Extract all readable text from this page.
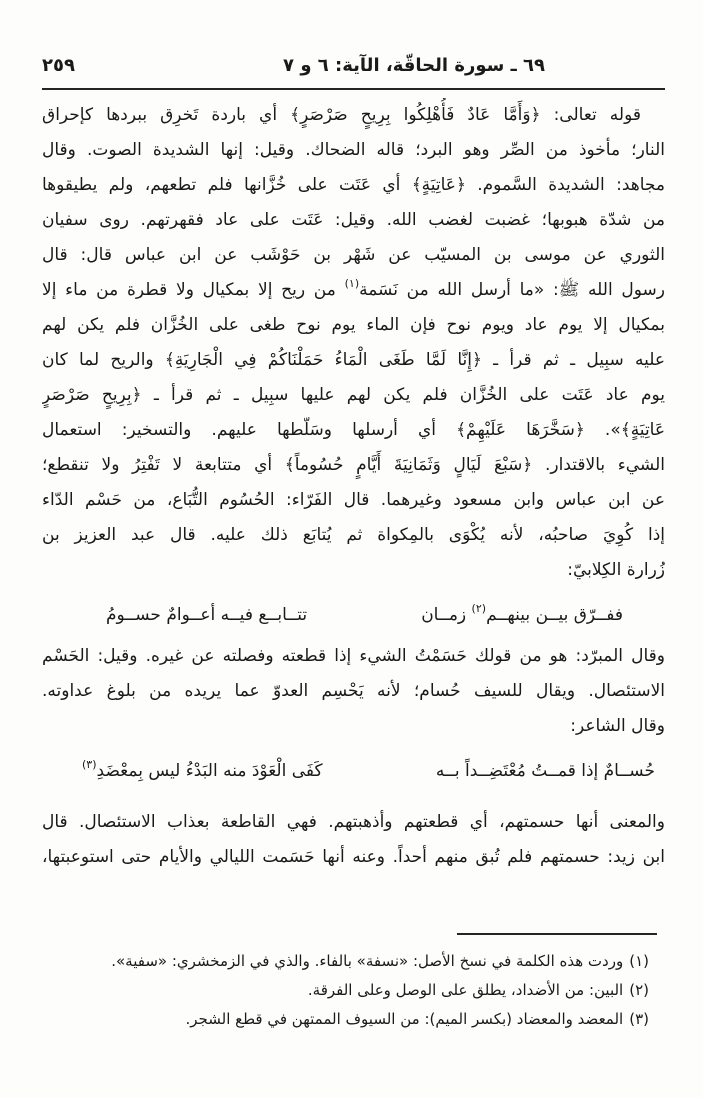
٦٩ ـ سورة الحاقّة، الآية: ٦ و ٧
٢٥٩
قوله تعالى: ﴿وَأَمَّا عَادٌ فَأُهْلِكُوا بِرِيحٍ صَرْصَرٍ﴾ أي باردة تَخرِق ببردها كإحراق
النار؛ مأخوذ من الصِّر وهو البرد؛ قاله الضحاك. وقيل: إنها الشديدة الصوت. وقال
مجاهد: الشديدة السَّموم. ﴿عَاتِيَةٍ﴾ أي عَتَت على خُزَّانها فلم تطعهم، ولم يطيقوها
من شدّة هبوبها؛ غضبت لغضب الله. وقيل: عَتَت على عاد فقهرتهم. روى سفيان
الثوري عن موسى بن المسيّب عن شَهْر بن حَوْشَب عن ابن عباس قال: قال
رسول الله ﷺ: «ما أرسل الله من نَسَمة$^{(١)}$ من ريح إلا بمكيال ولا قطرة من ماء إلا
بمكيال إلا يوم عاد ويوم نوح فإن الماء يوم نوح طغى على الخُزَّان فلم يكن لهم
عليه سبِيل ـ ثم قرأ ـ ﴿إِنَّا لَمَّا طَغَى الْمَاءُ حَمَلْنَاكُمْ فِي الْجَارِيَةِ﴾ والريح لما كان
يوم عاد عَتَت على الخُزَّان فلم يكن لهم عليها سبِيل ـ ثم قرأ ـ ﴿بِرِيحٍ صَرْصَرٍ
عَاتِيَةٍ﴾». ﴿سَخَّرَهَا عَلَيْهِمْ﴾ أي أرسلها وسَلّطها عليهم. والتسخير: استعمال
الشيء بالاقتدار. ﴿سَبْعَ لَيَالٍ وَثَمَانِيَةَ أَيَّامٍ حُسُوماً﴾ أي متتابعة لا تَفْتِرُ ولا تنقطع؛
عن ابن عباس وابن مسعود وغيرهما. قال الفَرّاء: الحُسُوم التُّبَاع، من حَسْم الدّاء
إذا كُوِيَ صاحبُه، لأنه يُكْوَى بالمِكواة ثم يُتابَع ذلك عليه. قال عبد العزيز بن
زُرارة الكِلابيّ:
ففــرّق بيــن بينهــم$^{(٢)}$ زمــان
تتــابــع فيــه أعــوامٌ حســومُ
وقال المبرّد: هو من قولك حَسَمْتُ الشيء إذا قطعته وفصلته عن غيره. وقيل: الحَسْم
الاستئصال. ويقال للسيف حُسام؛ لأنه يَحْسِم العدوّ عما يريده من بلوغ عداوته.
وقال الشاعر:
حُســامٌ إذا قمــتُ مُعْتَضِــداً بــه
كَفَى الْعَوْدَ منه البَدْءُ ليس بِمعْضَدِ$^{(٣)}$
والمعنى أنها حسمتهم، أي قطعتهم وأذهبتهم. فهي القاطعة بعذاب الاستئصال. قال
ابن زيد: حسمتهم فلم تُبق منهم أحداً. وعنه أنها حَسَمت الليالي والأيام حتى استوعبتها،
(١)وردت هذه الكلمة في نسخ الأصل: «نسفة» بالفاء. والذي في الزمخشري: «سفية».
(٢)البين: من الأضداد، يطلق على الوصل وعلى الفرقة.
(٣)المعضد والمعضاد (بكسر الميم): من السيوف الممتهن في قطع الشجر.
